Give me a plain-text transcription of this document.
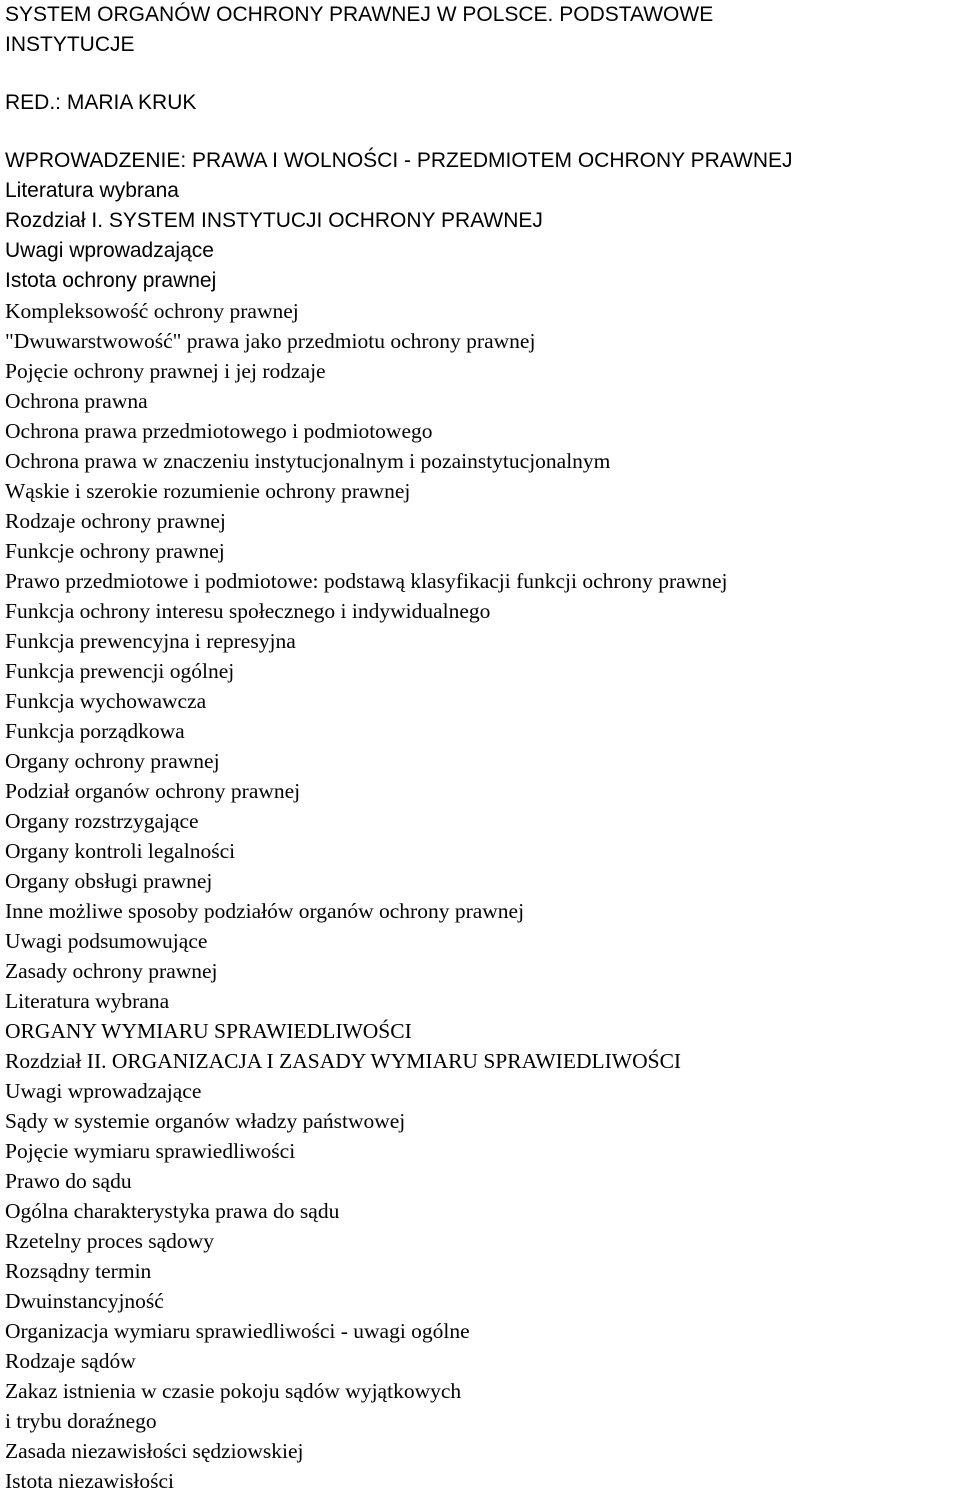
SYSTEM ORGANÓW OCHRONY PRAWNEJ W POLSCE. PODSTAWOWE
INSTYTUCJE
RED.: MARIA KRUK
WPROWADZENIE: PRAWA I WOLNOŚCI - PRZEDMIOTEM OCHRONY PRAWNEJ
Literatura wybrana
Rozdział I. SYSTEM INSTYTUCJI OCHRONY PRAWNEJ
Uwagi wprowadzające
Istota ochrony prawnej
Kompleksowość ochrony prawnej
"Dwuwarstwowość" prawa jako przedmiotu ochrony prawnej
Pojęcie ochrony prawnej i jej rodzaje
Ochrona prawna
Ochrona prawa przedmiotowego i podmiotowego
Ochrona prawa w znaczeniu instytucjonalnym i pozainstytucjonalnym
Wąskie i szerokie rozumienie ochrony prawnej
Rodzaje ochrony prawnej
Funkcje ochrony prawnej
Prawo przedmiotowe i podmiotowe: podstawą klasyfikacji funkcji ochrony prawnej
Funkcja ochrony interesu społecznego i indywidualnego
Funkcja prewencyjna i represyjna
Funkcja prewencji ogólnej
Funkcja wychowawcza
Funkcja porządkowa
Organy ochrony prawnej
Podział organów ochrony prawnej
Organy rozstrzygające
Organy kontroli legalności
Organy obsługi prawnej
Inne możliwe sposoby podziałów organów ochrony prawnej
Uwagi podsumowujące
Zasady ochrony prawnej
Literatura wybrana
ORGANY WYMIARU SPRAWIEDLIWOŚCI
Rozdział II. ORGANIZACJA I ZASADY WYMIARU SPRAWIEDLIWOŚCI
Uwagi wprowadzające
Sądy w systemie organów władzy państwowej
Pojęcie wymiaru sprawiedliwości
Prawo do sądu
Ogólna charakterystyka prawa do sądu
Rzetelny proces sądowy
Rozsądny termin
Dwuinstancyjność
Organizacja wymiaru sprawiedliwości - uwagi ogólne
Rodzaje sądów
Zakaz istnienia w czasie pokoju sądów wyjątkowych
i trybu doraźnego
Zasada niezawisłości sędziowskiej
Istota niezawisłości
